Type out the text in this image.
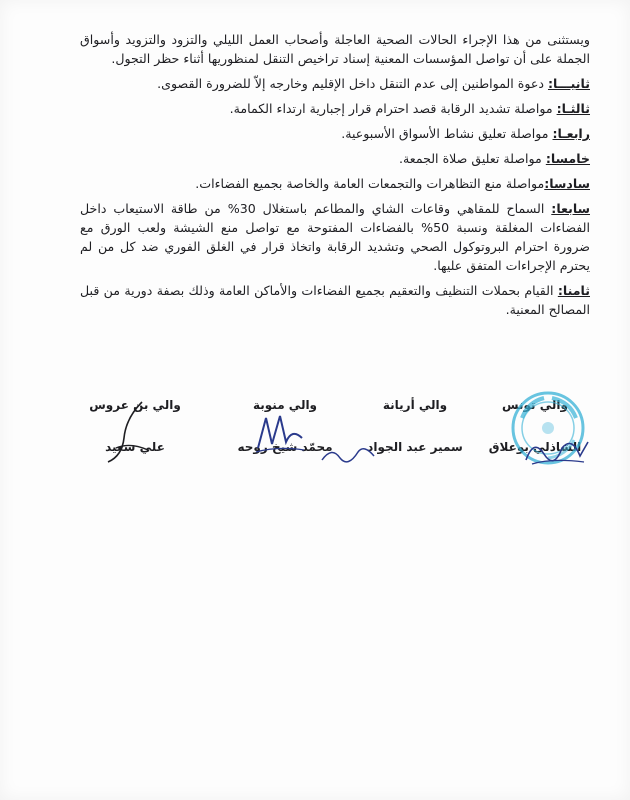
ويستثنى من هذا الإجراء الحالات الصحية العاجلة وأصحاب العمل الليلي والتزود والتزويد وأسواق الجملة على أن تواصل المؤسسات المعنية إسناد تراخيص التنقل لمنظوريها أثناء حظر التجول.

ثانيـــا: دعوة المواطنين إلى عدم التنقل داخل الإقليم وخارجه إلاّ للضرورة القصوى.

ثالثـا: مواصلة تشديد الرقابة قصد احترام قرار إجبارية ارتداء الكمامة.

رابعـا: مواصلة تعليق نشاط الأسواق الأسبوعية.

خامسا: مواصلة تعليق صلاة الجمعة.

سادسا:مواصلة منع التظاهرات والتجمعات العامة والخاصة بجميع الفضاءات.

سابعا: السماح للمقاهي وقاعات الشاي والمطاعم باستغلال 30% من طاقة الاستيعاب داخل الفضاءات المغلقة ونسبة 50% بالفضاءات المفتوحة مع تواصل منع الشيشة ولعب الورق مع ضرورة احترام البروتوكول الصحي وتشديد الرقابة واتخاذ قرار في الغلق الفوري ضد كل من لم يحترم الإجراءات المتفق عليها.

ثامنا: القيام بحملات التنظيف والتعقيم بجميع الفضاءات والأماكن العامة وذلك بصفة دورية من قبل المصالح المعنية.

والي تونس
الشاذلي بوعلاق
والي أريانة
سمير عبد الجواد
والي منوبة
محمّد شيخ روحه
والي بن عروس
علي سعيد
